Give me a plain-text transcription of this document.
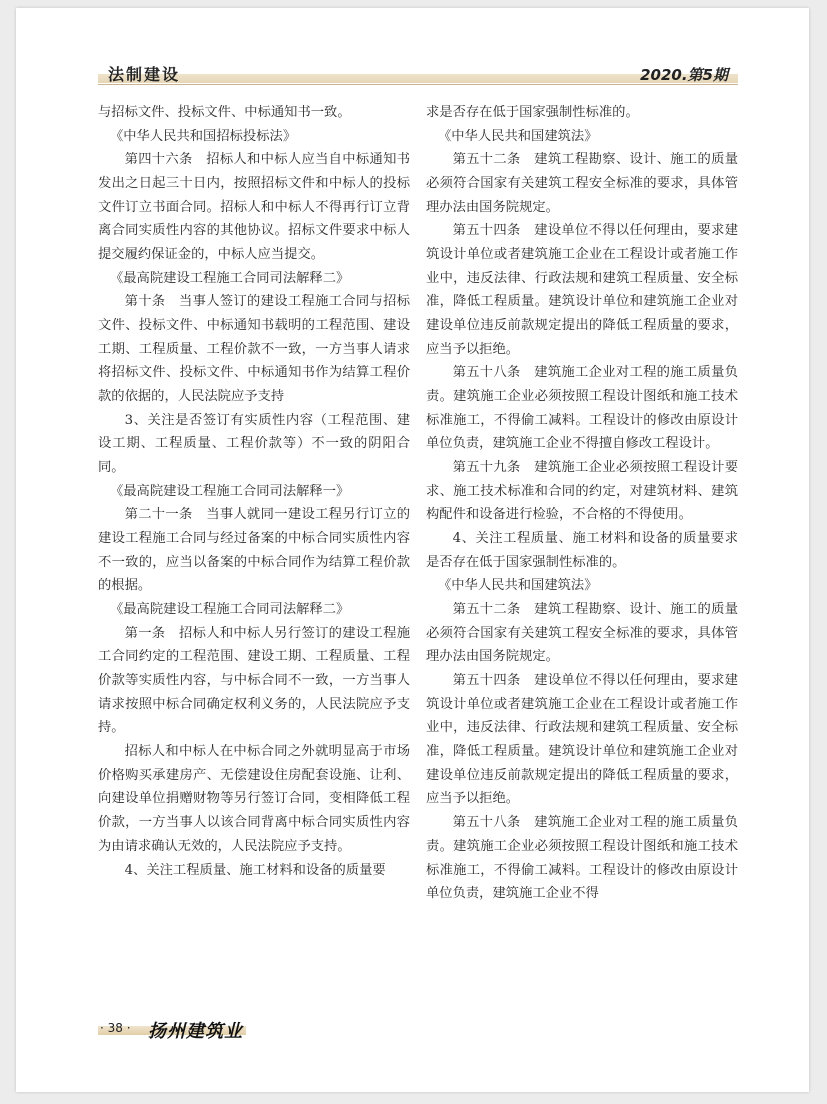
法制建设	2020.第5期

与招标文件、投标文件、中标通知书一致。

《中华人民共和国招标投标法》

第四十六条　招标人和中标人应当自中标通知书发出之日起三十日内，按照招标文件和中标人的投标文件订立书面合同。招标人和中标人不得再行订立背离合同实质性内容的其他协议。招标文件要求中标人提交履约保证金的，中标人应当提交。

《最高院建设工程施工合同司法解释二》

第十条　当事人签订的建设工程施工合同与招标文件、投标文件、中标通知书载明的工程范围、建设工期、工程质量、工程价款不一致，一方当事人请求将招标文件、投标文件、中标通知书作为结算工程价款的依据的，人民法院应予支持

3、关注是否签订有实质性内容（工程范围、建设工期、工程质量、工程价款等）不一致的阴阳合同。

《最高院建设工程施工合同司法解释一》

第二十一条　当事人就同一建设工程另行订立的建设工程施工合同与经过备案的中标合同实质性内容不一致的，应当以备案的中标合同作为结算工程价款的根据。

《最高院建设工程施工合同司法解释二》

第一条　招标人和中标人另行签订的建设工程施工合同约定的工程范围、建设工期、工程质量、工程价款等实质性内容，与中标合同不一致，一方当事人请求按照中标合同确定权利义务的，人民法院应予支持。

招标人和中标人在中标合同之外就明显高于市场价格购买承建房产、无偿建设住房配套设施、让利、向建设单位捐赠财物等另行签订合同，变相降低工程价款，一方当事人以该合同背离中标合同实质性内容为由请求确认无效的，人民法院应予支持。

4、关注工程质量、施工材料和设备的质量要

求是否存在低于国家强制性标准的。

《中华人民共和国建筑法》

第五十二条　建筑工程勘察、设计、施工的质量必须符合国家有关建筑工程安全标准的要求，具体管理办法由国务院规定。

第五十四条　建设单位不得以任何理由，要求建筑设计单位或者建筑施工企业在工程设计或者施工作业中，违反法律、行政法规和建筑工程质量、安全标准，降低工程质量。建筑设计单位和建筑施工企业对建设单位违反前款规定提出的降低工程质量的要求，应当予以拒绝。

第五十八条　建筑施工企业对工程的施工质量负责。建筑施工企业必须按照工程设计图纸和施工技术标准施工，不得偷工减料。工程设计的修改由原设计单位负责，建筑施工企业不得擅自修改工程设计。

第五十九条　建筑施工企业必须按照工程设计要求、施工技术标准和合同的约定，对建筑材料、建筑构配件和设备进行检验，不合格的不得使用。

4、关注工程质量、施工材料和设备的质量要求是否存在低于国家强制性标准的。

《中华人民共和国建筑法》

第五十二条　建筑工程勘察、设计、施工的质量必须符合国家有关建筑工程安全标准的要求，具体管理办法由国务院规定。

第五十四条　建设单位不得以任何理由，要求建筑设计单位或者建筑施工企业在工程设计或者施工作业中，违反法律、行政法规和建筑工程质量、安全标准，降低工程质量。建筑设计单位和建筑施工企业对建设单位违反前款规定提出的降低工程质量的要求，应当予以拒绝。

第五十八条　建筑施工企业对工程的施工质量负责。建筑施工企业必须按照工程设计图纸和施工技术标准施工，不得偷工减料。工程设计的修改由原设计单位负责，建筑施工企业不得

· 38 · 扬州建筑业
